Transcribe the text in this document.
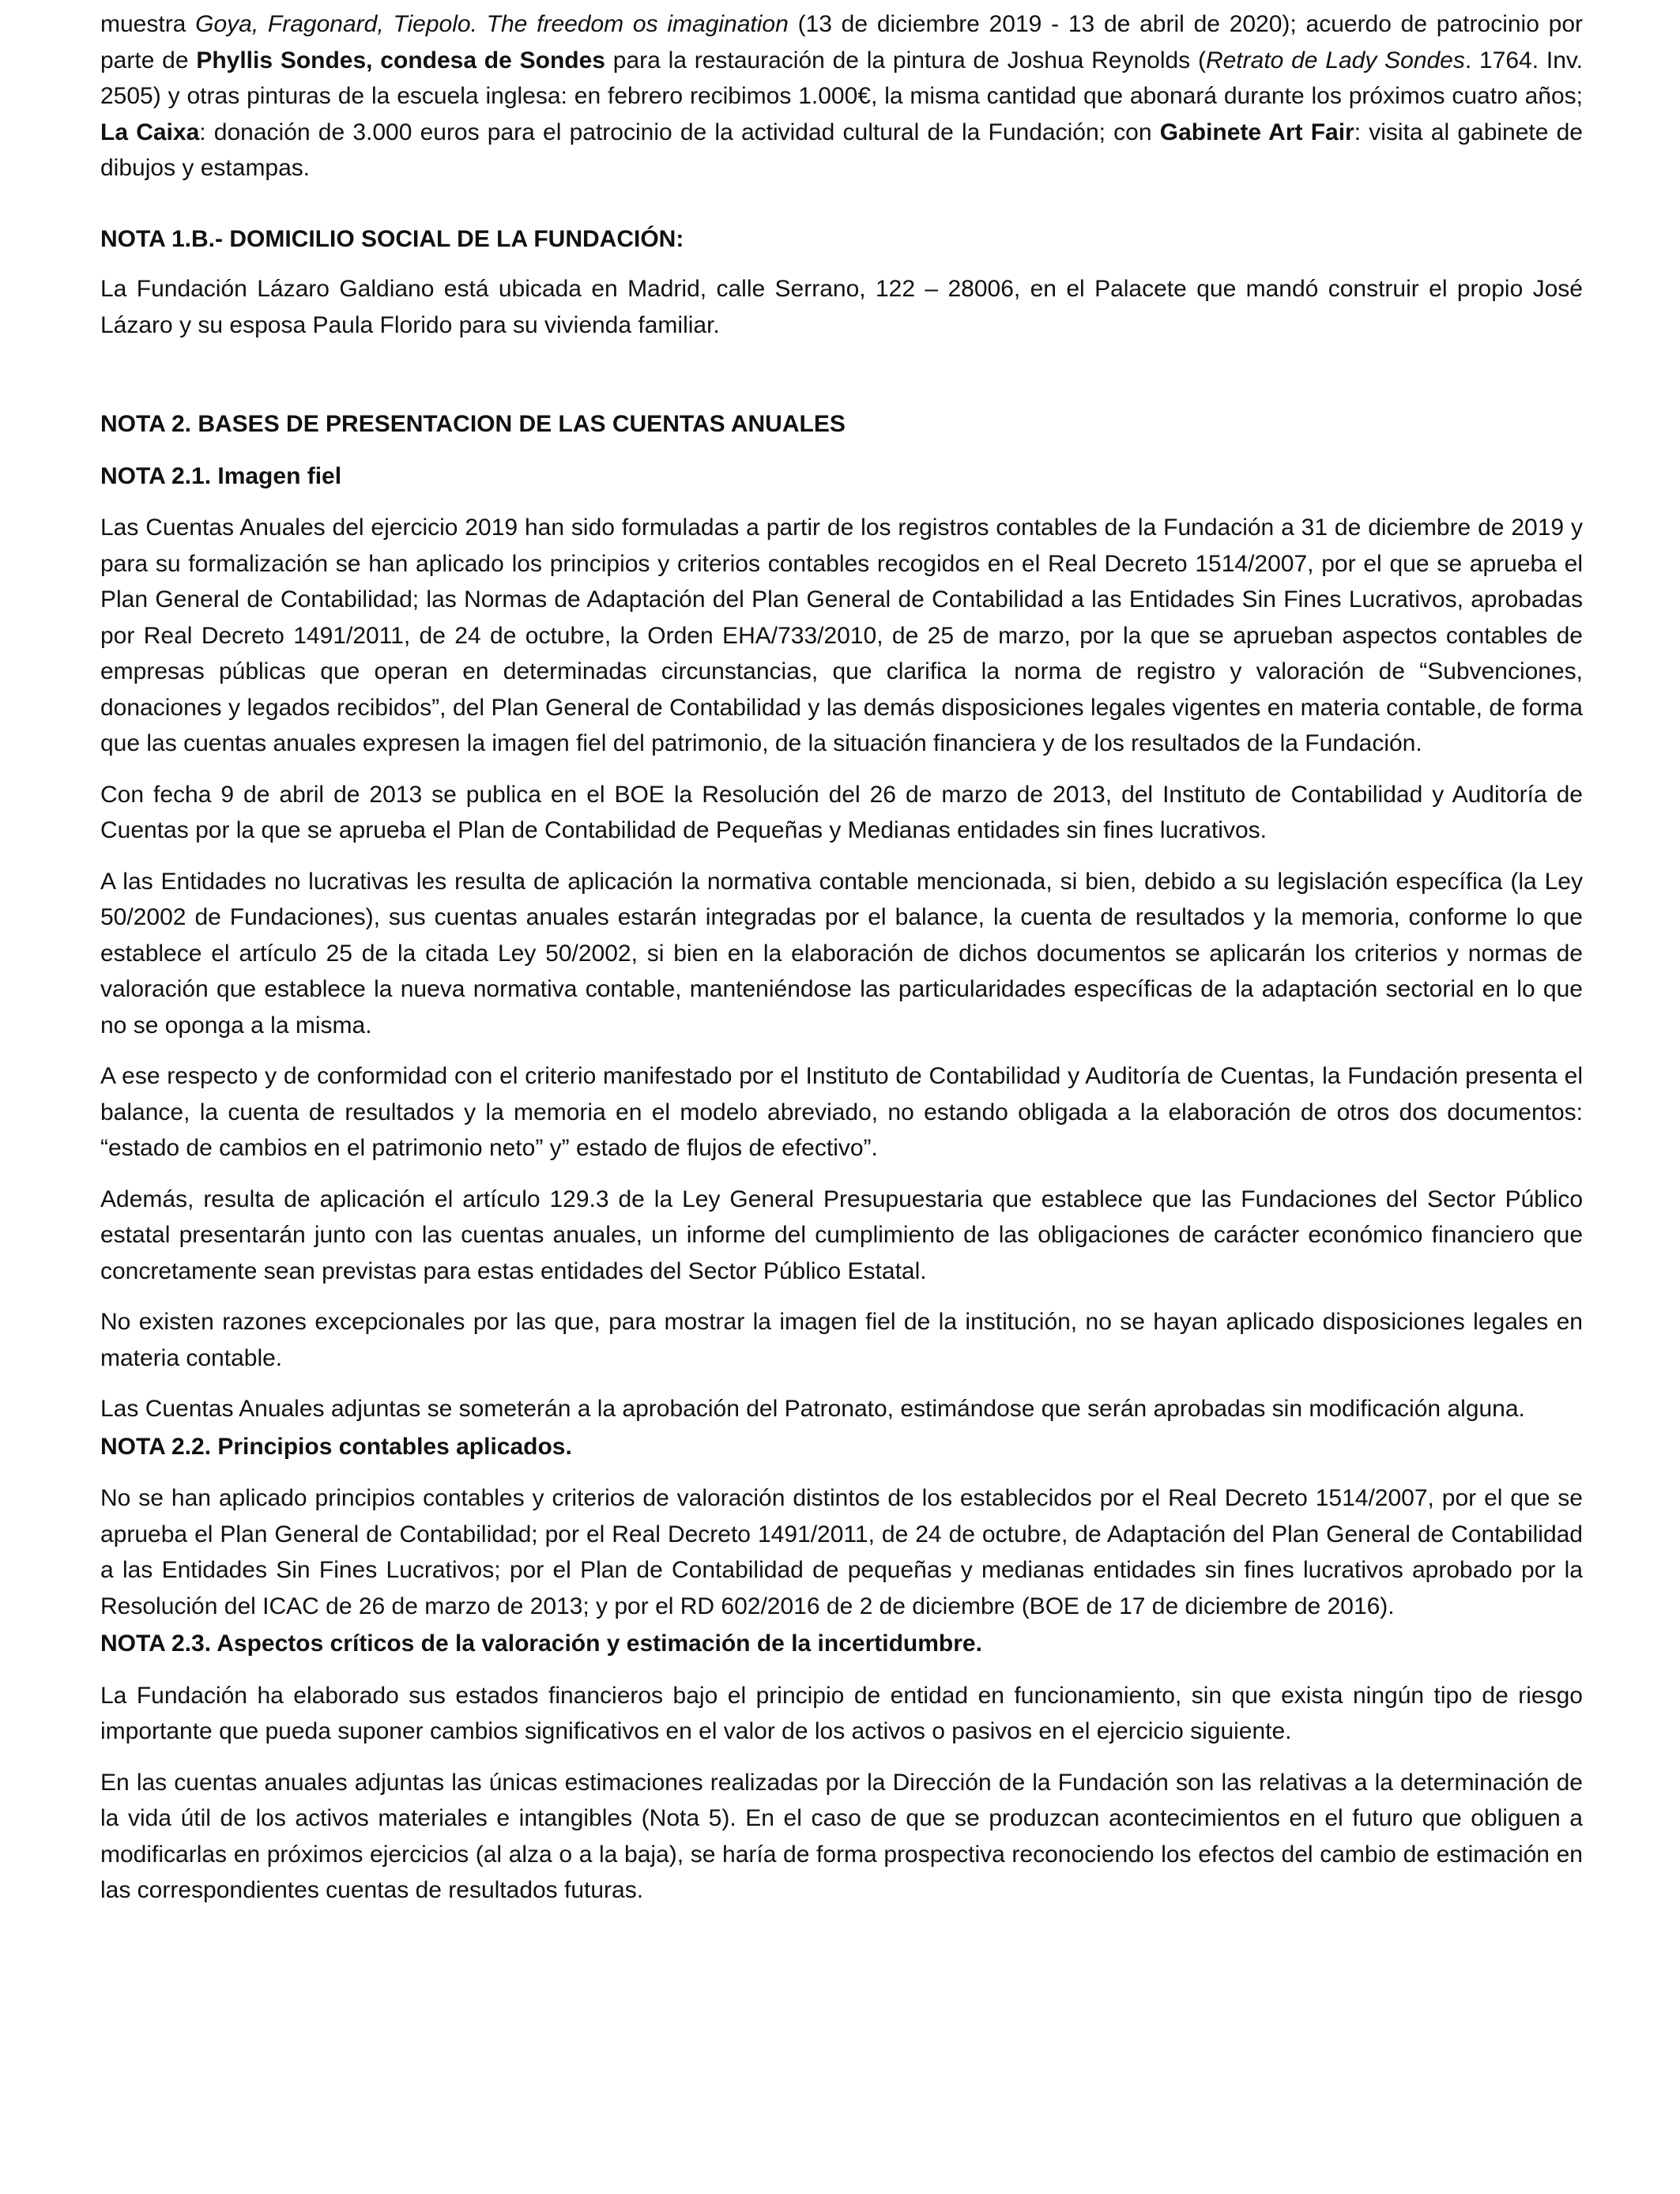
muestra Goya, Fragonard, Tiepolo. The freedom os imagination (13 de diciembre 2019 - 13 de abril de 2020); acuerdo de patrocinio por parte de Phyllis Sondes, condesa de Sondes para la restauración de la pintura de Joshua Reynolds (Retrato de Lady Sondes. 1764. Inv. 2505) y otras pinturas de la escuela inglesa: en febrero recibimos 1.000€, la misma cantidad que abonará durante los próximos cuatro años; La Caixa: donación de 3.000 euros para el patrocinio de la actividad cultural de la Fundación; con Gabinete Art Fair: visita al gabinete de dibujos y estampas.

NOTA 1.B.- DOMICILIO SOCIAL DE LA FUNDACIÓN:

La Fundación Lázaro Galdiano está ubicada en Madrid, calle Serrano, 122 – 28006, en el Palacete que mandó construir el propio José Lázaro y su esposa Paula Florido para su vivienda familiar.

NOTA 2. BASES DE PRESENTACION DE LAS CUENTAS ANUALES

NOTA 2.1. Imagen fiel

Las Cuentas Anuales del ejercicio 2019 han sido formuladas a partir de los registros contables de la Fundación a 31 de diciembre de 2019 y para su formalización se han aplicado los principios y criterios contables recogidos en el Real Decreto 1514/2007, por el que se aprueba el Plan General de Contabilidad; las Normas de Adaptación del Plan General de Contabilidad a las Entidades Sin Fines Lucrativos, aprobadas por Real Decreto 1491/2011, de 24 de octubre, la Orden EHA/733/2010, de 25 de marzo, por la que se aprueban aspectos contables de empresas públicas que operan en determinadas circunstancias, que clarifica la norma de registro y valoración de “Subvenciones, donaciones y legados recibidos”, del Plan General de Contabilidad y las demás disposiciones legales vigentes en materia contable, de forma que las cuentas anuales expresen la imagen fiel del patrimonio, de la situación financiera y de los resultados de la Fundación.

Con fecha 9 de abril de 2013 se publica en el BOE la Resolución del 26 de marzo de 2013, del Instituto de Contabilidad y Auditoría de Cuentas por la que se aprueba el Plan de Contabilidad de Pequeñas y Medianas entidades sin fines lucrativos.

A las Entidades no lucrativas les resulta de aplicación la normativa contable mencionada, si bien, debido a su legislación específica (la Ley 50/2002 de Fundaciones), sus cuentas anuales estarán integradas por el balance, la cuenta de resultados y la memoria, conforme lo que establece el artículo 25 de la citada Ley 50/2002, si bien en la elaboración de dichos documentos se aplicarán los criterios y normas de valoración que establece la nueva normativa contable, manteniéndose las particularidades específicas de la adaptación sectorial en lo que no se oponga a la misma.

A ese respecto y de conformidad con el criterio manifestado por el Instituto de Contabilidad y Auditoría de Cuentas, la Fundación presenta el balance, la cuenta de resultados y la memoria en el modelo abreviado, no estando obligada a la elaboración de otros dos documentos: “estado de cambios en el patrimonio neto” y” estado de flujos de efectivo”.

Además, resulta de aplicación el artículo 129.3 de la Ley General Presupuestaria que establece que las Fundaciones del Sector Público estatal presentarán junto con las cuentas anuales, un informe del cumplimiento de las obligaciones de carácter económico financiero que concretamente sean previstas para estas entidades del Sector Público Estatal.

No existen razones excepcionales por las que, para mostrar la imagen fiel de la institución, no se hayan aplicado disposiciones legales en materia contable.

Las Cuentas Anuales adjuntas se someterán a la aprobación del Patronato, estimándose que serán aprobadas sin modificación alguna.

NOTA 2.2. Principios contables aplicados.

No se han aplicado principios contables y criterios de valoración distintos de los establecidos por el Real Decreto 1514/2007, por el que se aprueba el Plan General de Contabilidad; por el Real Decreto 1491/2011, de 24 de octubre, de Adaptación del Plan General de Contabilidad a las Entidades Sin Fines Lucrativos; por el Plan de Contabilidad de pequeñas y medianas entidades sin fines lucrativos aprobado por la Resolución del ICAC de 26 de marzo de 2013; y por el RD 602/2016 de 2 de diciembre (BOE de 17 de diciembre de 2016).

NOTA 2.3. Aspectos críticos de la valoración y estimación de la incertidumbre.

La Fundación ha elaborado sus estados financieros bajo el principio de entidad en funcionamiento, sin que exista ningún tipo de riesgo importante que pueda suponer cambios significativos en el valor de los activos o pasivos en el ejercicio siguiente.

En las cuentas anuales adjuntas las únicas estimaciones realizadas por la Dirección de la Fundación son las relativas a la determinación de la vida útil de los activos materiales e intangibles (Nota 5). En el caso de que se produzcan acontecimientos en el futuro que obliguen a modificarlas en próximos ejercicios (al alza o a la baja), se haría de forma prospectiva reconociendo los efectos del cambio de estimación en las correspondientes cuentas de resultados futuras.
